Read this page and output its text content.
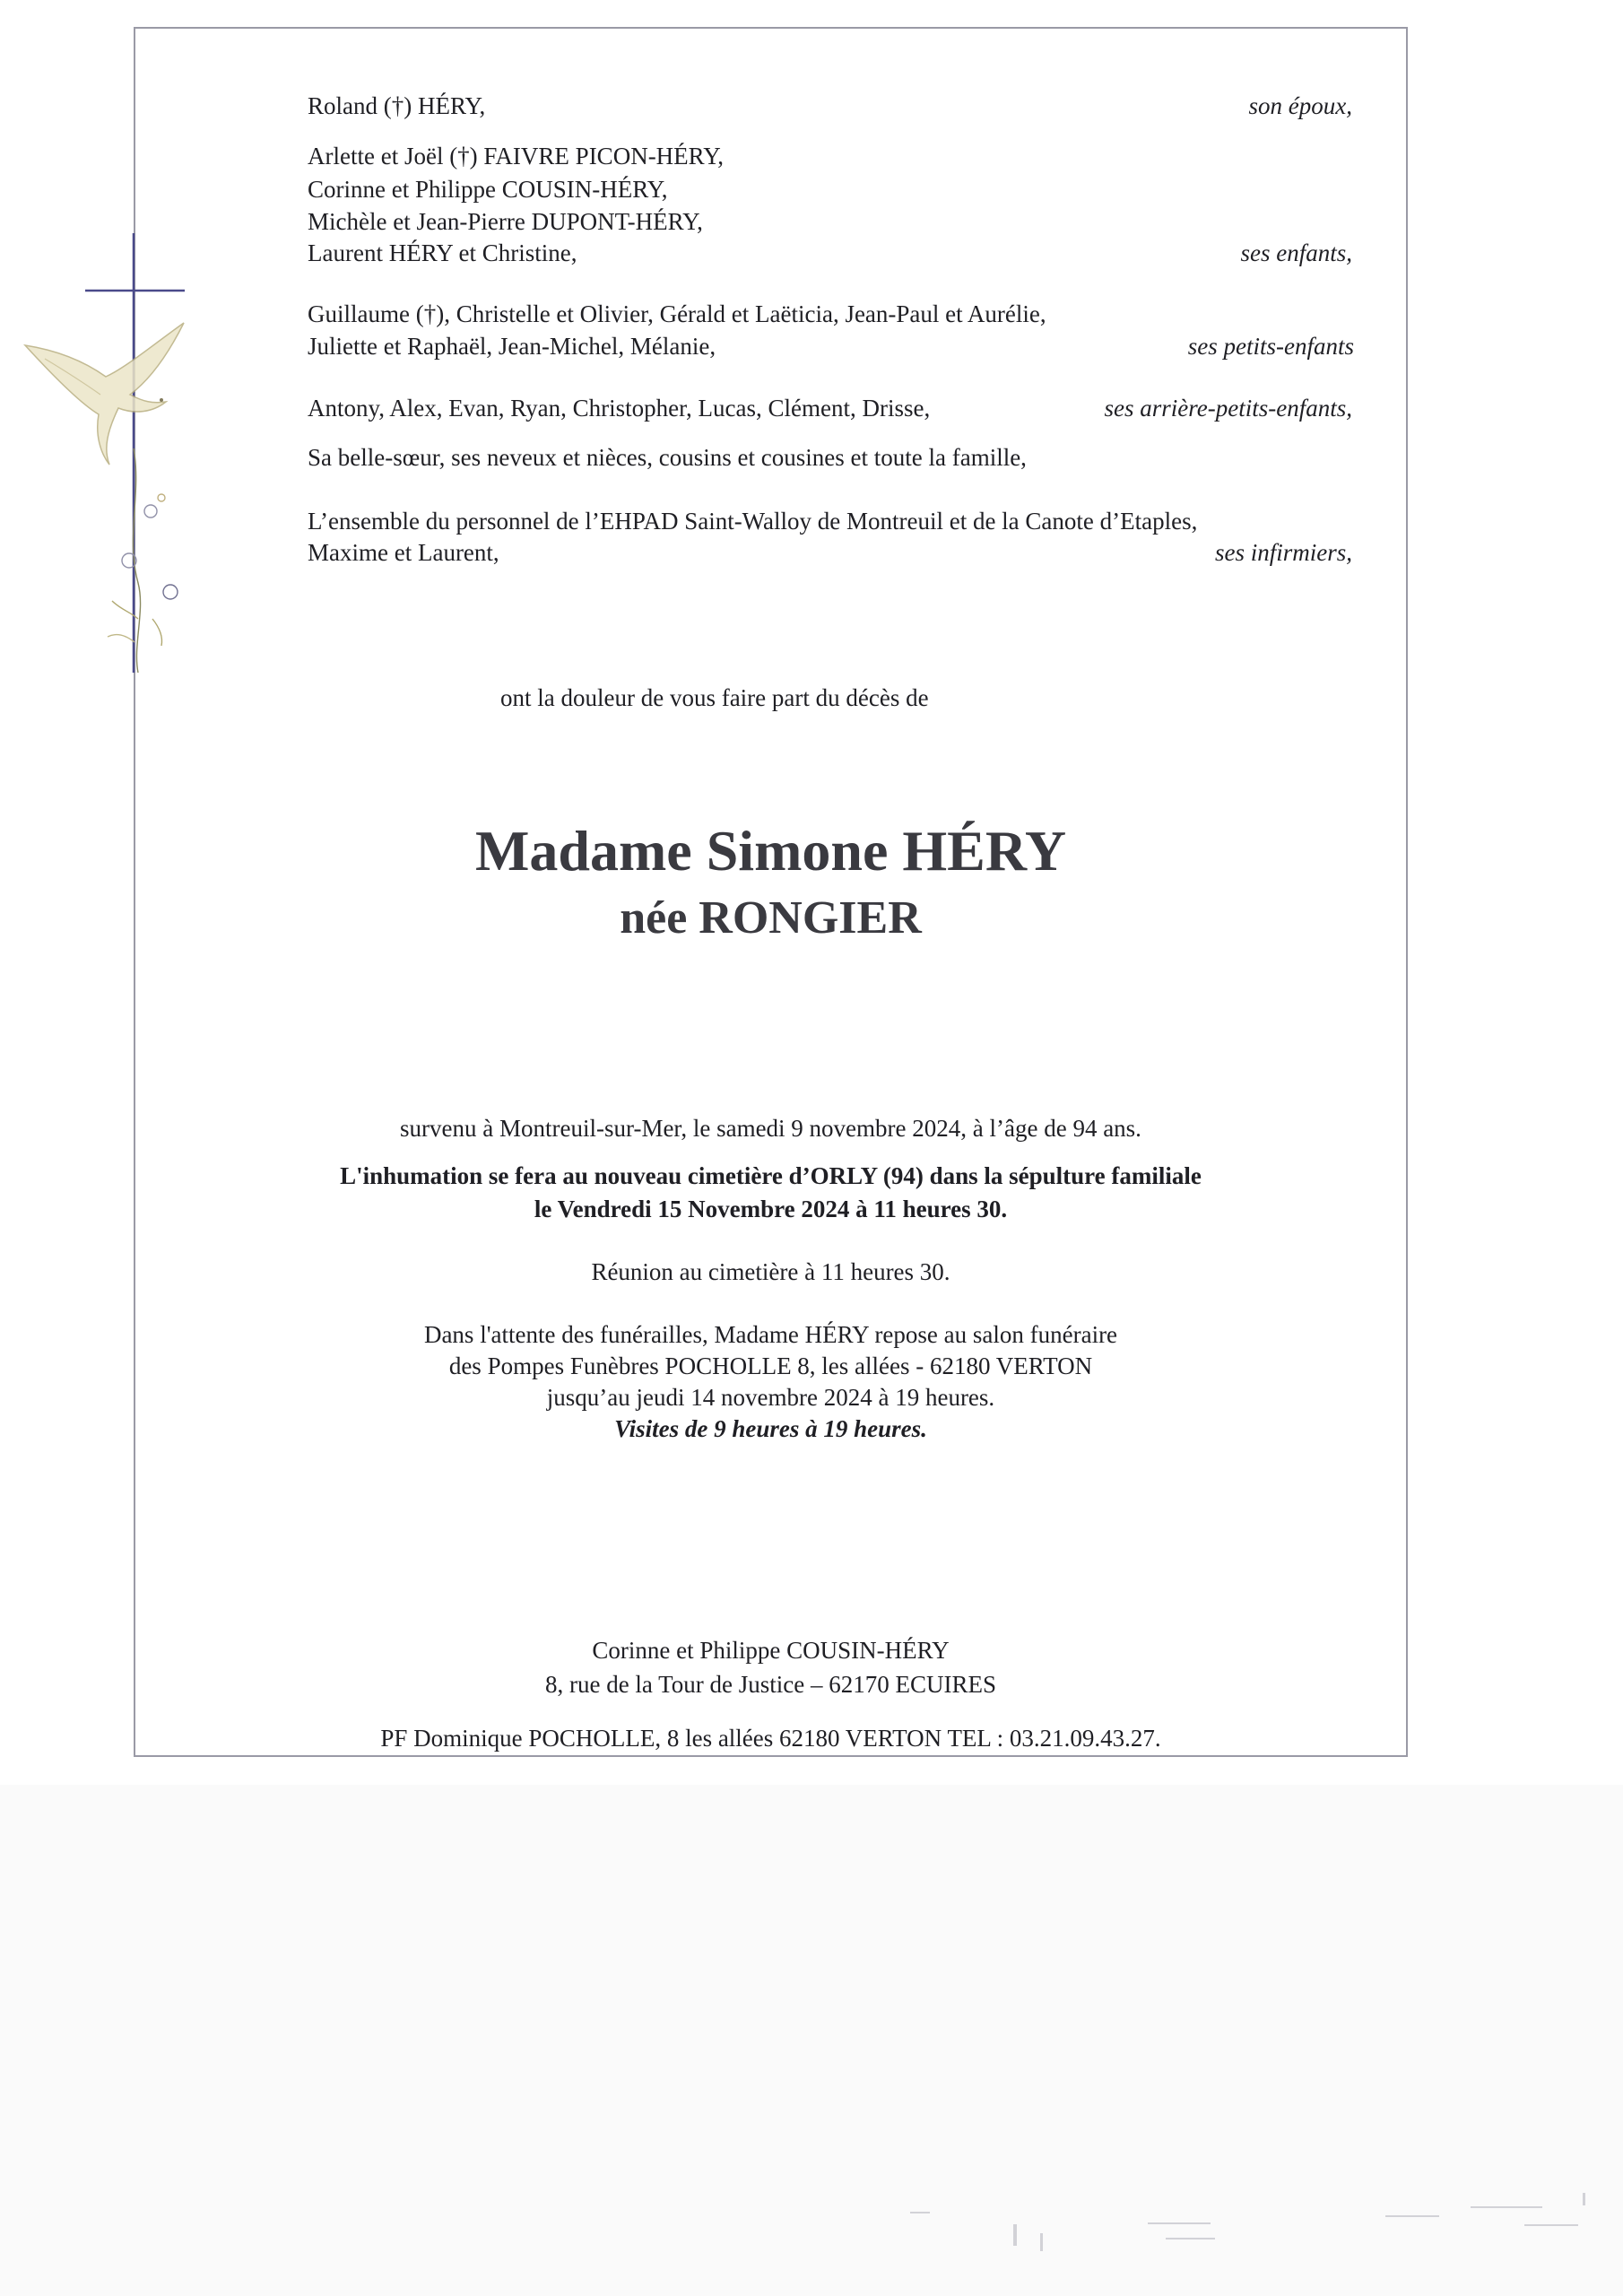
Roland (†) HÉRY,	son époux,
Arlette et Joël (†) FAIVRE PICON-HÉRY,
Corinne et Philippe COUSIN-HÉRY,
Michèle et Jean-Pierre DUPONT-HÉRY,
Laurent HÉRY et Christine,	ses enfants,
Guillaume (†), Christelle et Olivier, Gérald et Laëticia, Jean-Paul et Aurélie,
Juliette et Raphaël, Jean-Michel, Mélanie,	ses petits-enfants
Antony, Alex, Evan, Ryan, Christopher, Lucas, Clément, Drisse,	ses arrière-petits-enfants,
Sa belle-sœur, ses neveux et nièces, cousins et cousines et toute la famille,
L’ensemble du personnel de l’EHPAD Saint-Walloy de Montreuil et de la Canote d’Etaples,
Maxime et Laurent,	ses infirmiers,
ont la douleur de vous faire part du décès de
Madame Simone HÉRY
née RONGIER
survenu à Montreuil-sur-Mer, le samedi 9 novembre 2024, à l’âge de 94 ans.
L'inhumation se fera au nouveau cimetière d’ORLY (94) dans la sépulture familiale
le Vendredi 15 Novembre 2024 à 11 heures 30.
Réunion au cimetière à 11 heures 30.
Dans l'attente des funérailles, Madame HÉRY repose au salon funéraire
des Pompes Funèbres POCHOLLE 8, les allées - 62180 VERTON
jusqu’au jeudi 14 novembre 2024 à 19 heures.
Visites de 9 heures à 19 heures.
Corinne et Philippe COUSIN-HÉRY
8, rue de la Tour de Justice – 62170 ECUIRES
PF Dominique POCHOLLE, 8 les allées 62180 VERTON TEL : 03.21.09.43.27.
